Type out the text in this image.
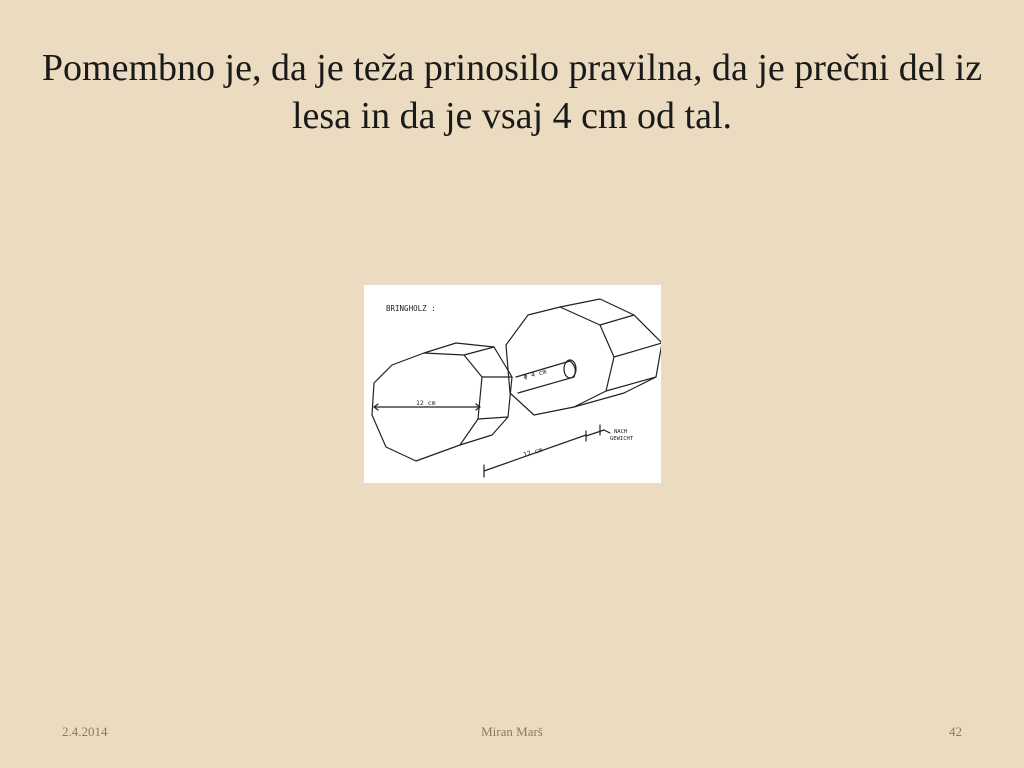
Pomembno je, da je teža prinosilo pravilna, da je prečni del iz lesa in da je vsaj 4 cm od tal.
BRINGHOLZ :
12 cm
ϕ 4 cm
12 cm
NACH
GEWICHT
2.4.2014	Miran Marš	42
